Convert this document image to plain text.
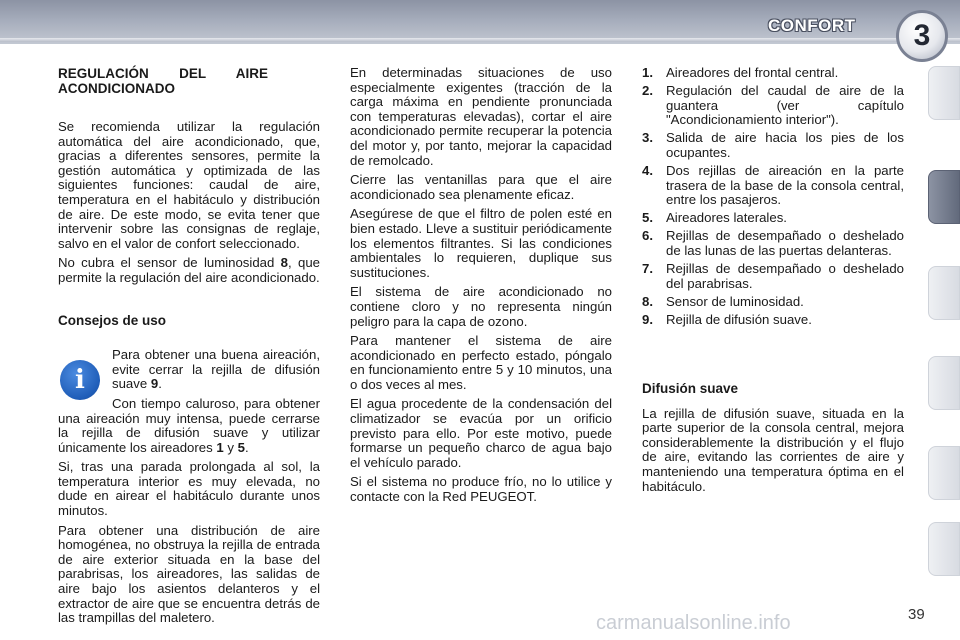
CONFORT 3
REGULACIÓN DEL AIRE ACONDICIONADO

Se recomienda utilizar la regulación automática del aire acondicionado, que, gracias a diferentes sensores, permite la gestión automática y optimizada de las siguientes funciones: caudal de aire, temperatura en el habitáculo y distribución de aire. De este modo, se evita tener que intervenir sobre las consignas de reglaje, salvo en el valor de confort seleccionado.

No cubra el sensor de luminosidad 8, que permite la regulación del aire acondicionado.

Consejos de uso

Para obtener una buena aireación, evite cerrar la rejilla de difusión suave 9.

Con tiempo caluroso, para obtener una aireación muy intensa, puede cerrarse la rejilla de difusión suave y utilizar únicamente los aireadores 1 y 5.

Si, tras una parada prolongada al sol, la temperatura interior es muy elevada, no dude en airear el habitáculo durante unos minutos.

Para obtener una distribución de aire homogénea, no obstruya la rejilla de entrada de aire exterior situada en la base del parabrisas, los aireadores, las salidas de aire bajo los asientos delanteros y el extractor de aire que se encuentra detrás de las trampillas del maletero.

i

En determinadas situaciones de uso especialmente exigentes (tracción de la carga máxima en pendiente pronunciada con temperaturas elevadas), cortar el aire acondicionado permite recuperar la potencia del motor y, por tanto, mejorar la capacidad de remolcado.

Cierre las ventanillas para que el aire acondicionado sea plenamente eficaz.

Asegúrese de que el filtro de polen esté en bien estado. Lleve a sustituir periódicamente los elementos filtrantes. Si las condiciones ambientales lo requieren, duplique sus sustituciones.

El sistema de aire acondicionado no contiene cloro y no representa ningún peligro para la capa de ozono.

Para mantener el sistema de aire acondicionado en perfecto estado, póngalo en funcionamiento entre 5 y 10 minutos, una o dos veces al mes.

El agua procedente de la condensación del climatizador se evacúa por un orificio previsto para ello. Por este motivo, puede formarse un pequeño charco de agua bajo el vehículo parado.

Si el sistema no produce frío, no lo utilice y contacte con la Red PEUGEOT.

1. Aireadores del frontal central.
2. Regulación del caudal de aire de la guantera (ver capítulo "Acondicionamiento interior").
3. Salida de aire hacia los pies de los ocupantes.
4. Dos rejillas de aireación en la parte trasera de la base de la consola central, entre los pasajeros.
5. Aireadores laterales.
6. Rejillas de desempañado o deshelado de las lunas de las puertas delanteras.
7. Rejillas de desempañado o deshelado del parabrisas.
8. Sensor de luminosidad.
9. Rejilla de difusión suave.
Difusión suave

La rejilla de difusión suave, situada en la parte superior de la consola central, mejora considerablemente la distribución y el flujo de aire, evitando las corrientes de aire y manteniendo una temperatura óptima en el habitáculo.

carmanualsonline.info	39
